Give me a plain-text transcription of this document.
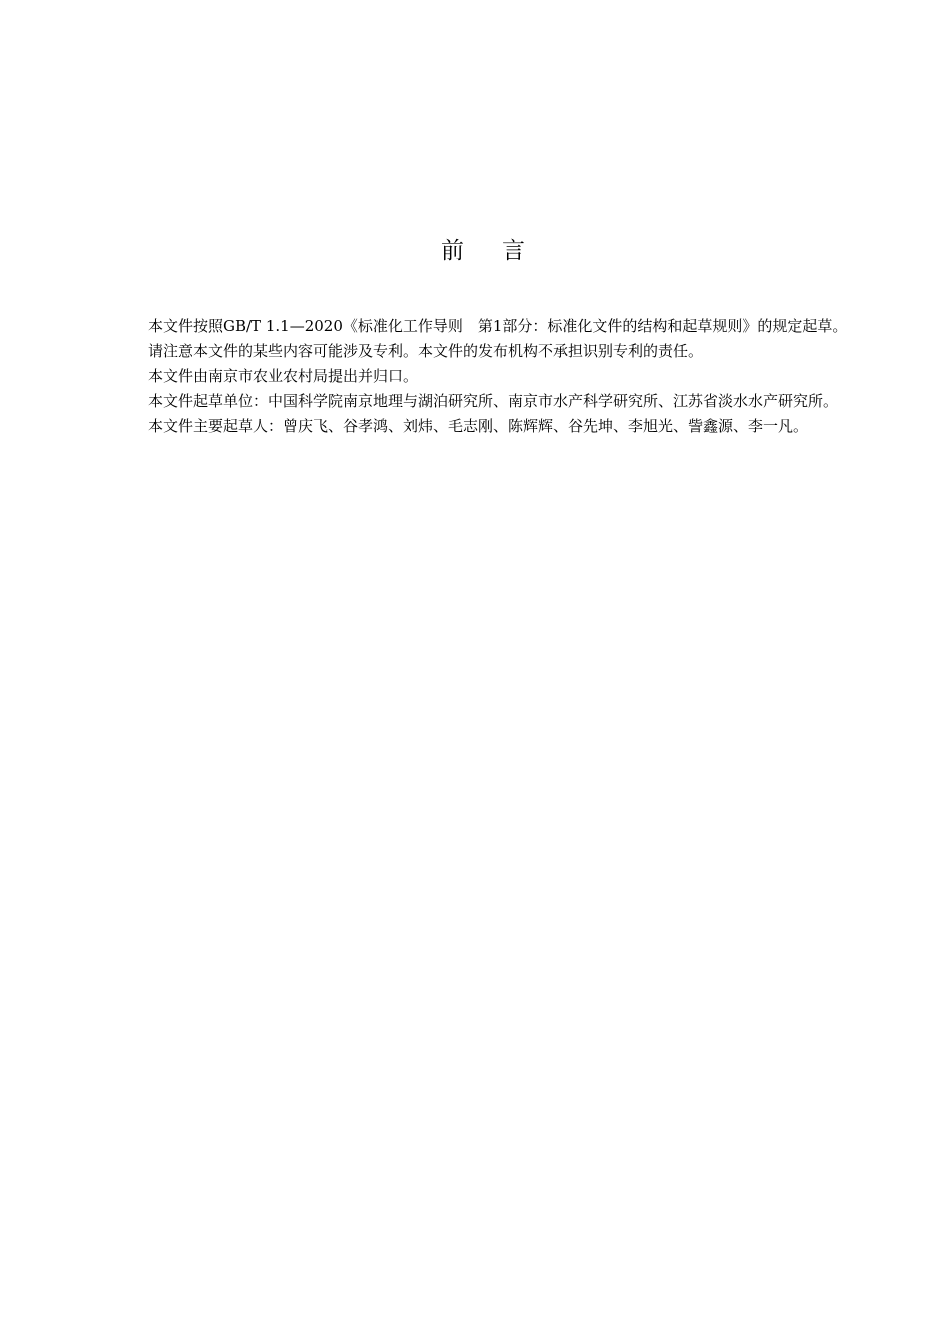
前言

本文件按照GB/T 1.1—2020《标准化工作导则　第1部分：标准化文件的结构和起草规则》的规定起草。

请注意本文件的某些内容可能涉及专利。本文件的发布机构不承担识别专利的责任。

本文件由南京市农业农村局提出并归口。

本文件起草单位：中国科学院南京地理与湖泊研究所、南京市水产科学研究所、江苏省淡水水产研究所。

本文件主要起草人：曾庆飞、谷孝鸿、刘炜、毛志刚、陈辉辉、谷先坤、李旭光、訾鑫源、李一凡。
